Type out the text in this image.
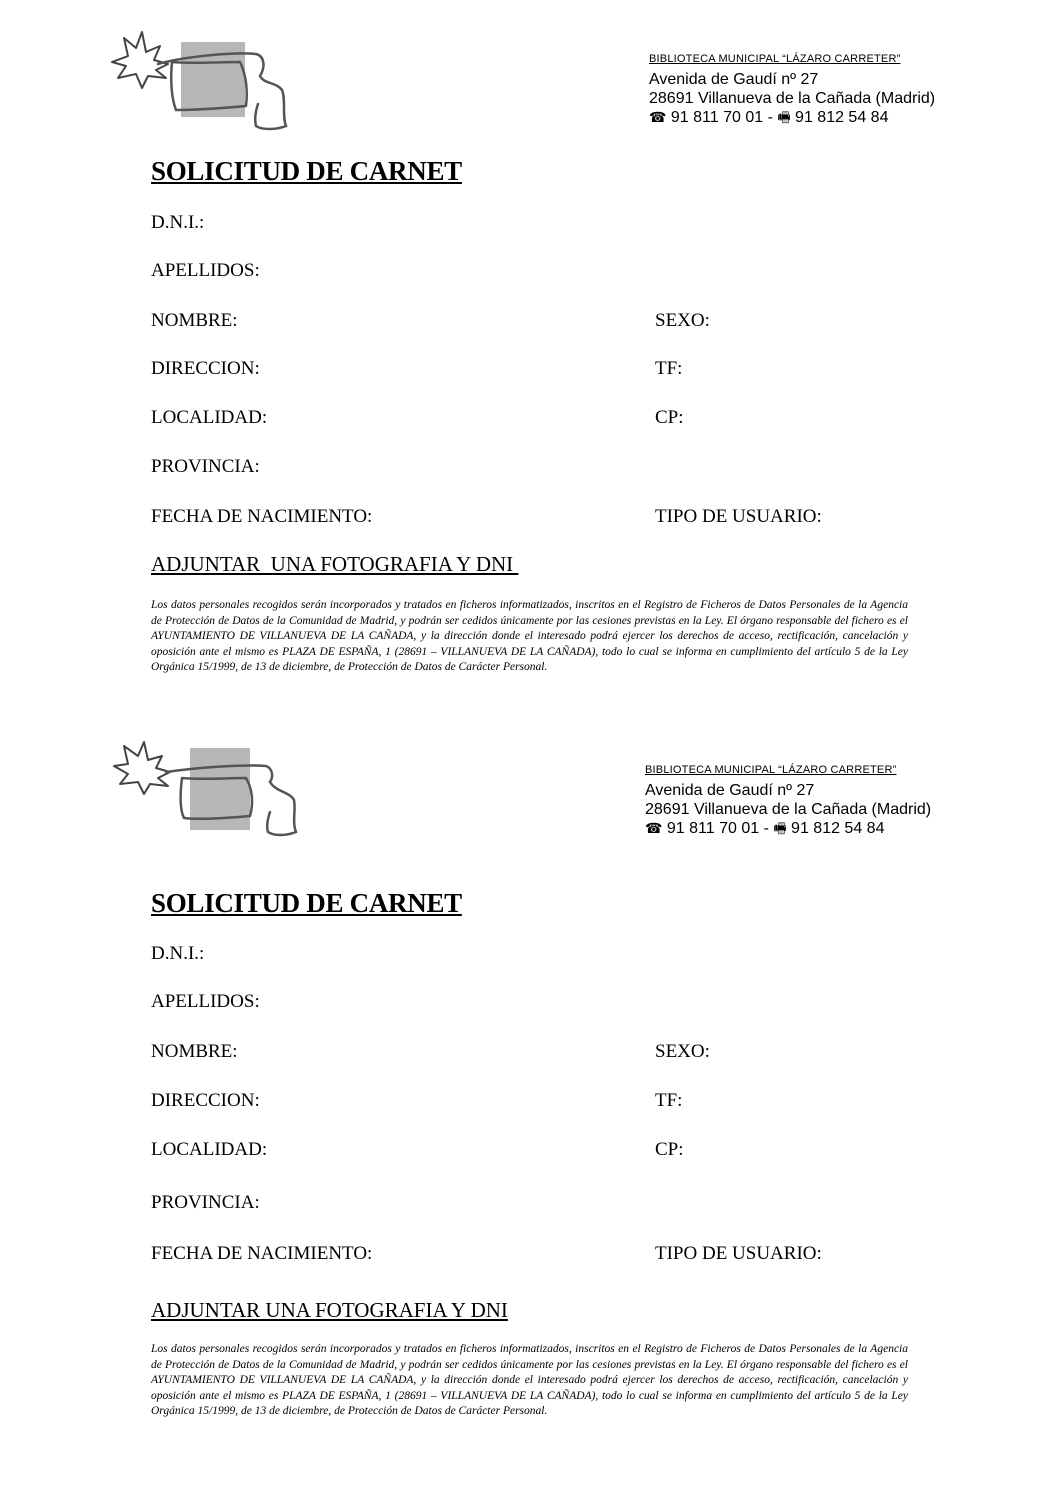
BIBLIOTECA MUNICIPAL “LÁZARO CARRETER”
Avenida de Gaudí nº 27
28691 Villanueva de la Cañada (Madrid)
☎ 91 811 70 01 - 🖷 91 812 54 84
SOLICITUD DE CARNET
D.N.I.:
APELLIDOS:
NOMBRE:	SEXO:
DIRECCION:	TF:
LOCALIDAD:	CP:
PROVINCIA:
FECHA DE NACIMIENTO:	TIPO DE USUARIO:
ADJUNTAR  UNA FOTOGRAFIA Y DNI
Los datos personales recogidos serán incorporados y tratados en ficheros informatizados, inscritos en el Registro de Ficheros de Datos Personales de la Agencia de Protección de Datos de la Comunidad de Madrid, y podrán ser cedidos únicamente por las cesiones previstas en la Ley. El órgano responsable del fichero es el AYUNTAMIENTO DE VILLANUEVA DE LA CAÑADA, y la dirección donde el interesado podrá ejercer los derechos de acceso, rectificación, cancelación y oposición ante el mismo es PLAZA DE ESPAÑA, 1 (28691 – VILLANUEVA DE LA CAÑADA), todo lo cual se informa en cumplimiento del artículo 5 de la Ley Orgánica 15/1999, de 13 de diciembre, de Protección de Datos de Carácter Personal.
BIBLIOTECA MUNICIPAL “LÁZARO CARRETER”
Avenida de Gaudí nº 27
28691 Villanueva de la Cañada (Madrid)
☎ 91 811 70 01 - 🖷 91 812 54 84
SOLICITUD DE CARNET
D.N.I.:
APELLIDOS:
NOMBRE:	SEXO:
DIRECCION:	TF:
LOCALIDAD:	CP:
PROVINCIA:
FECHA DE NACIMIENTO:	TIPO DE USUARIO:
ADJUNTAR UNA FOTOGRAFIA Y DNI
Los datos personales recogidos serán incorporados y tratados en ficheros informatizados, inscritos en el Registro de Ficheros de Datos Personales de la Agencia de Protección de Datos de la Comunidad de Madrid, y podrán ser cedidos únicamente por las cesiones previstas en la Ley. El órgano responsable del fichero es el AYUNTAMIENTO DE VILLANUEVA DE LA CAÑADA, y la dirección donde el interesado podrá ejercer los derechos de acceso, rectificación, cancelación y oposición ante el mismo es PLAZA DE ESPAÑA, 1 (28691 – VILLANUEVA DE LA CAÑADA), todo lo cual se informa en cumplimiento del artículo 5 de la Ley Orgánica 15/1999, de 13 de diciembre, de Protección de Datos de Carácter Personal.
